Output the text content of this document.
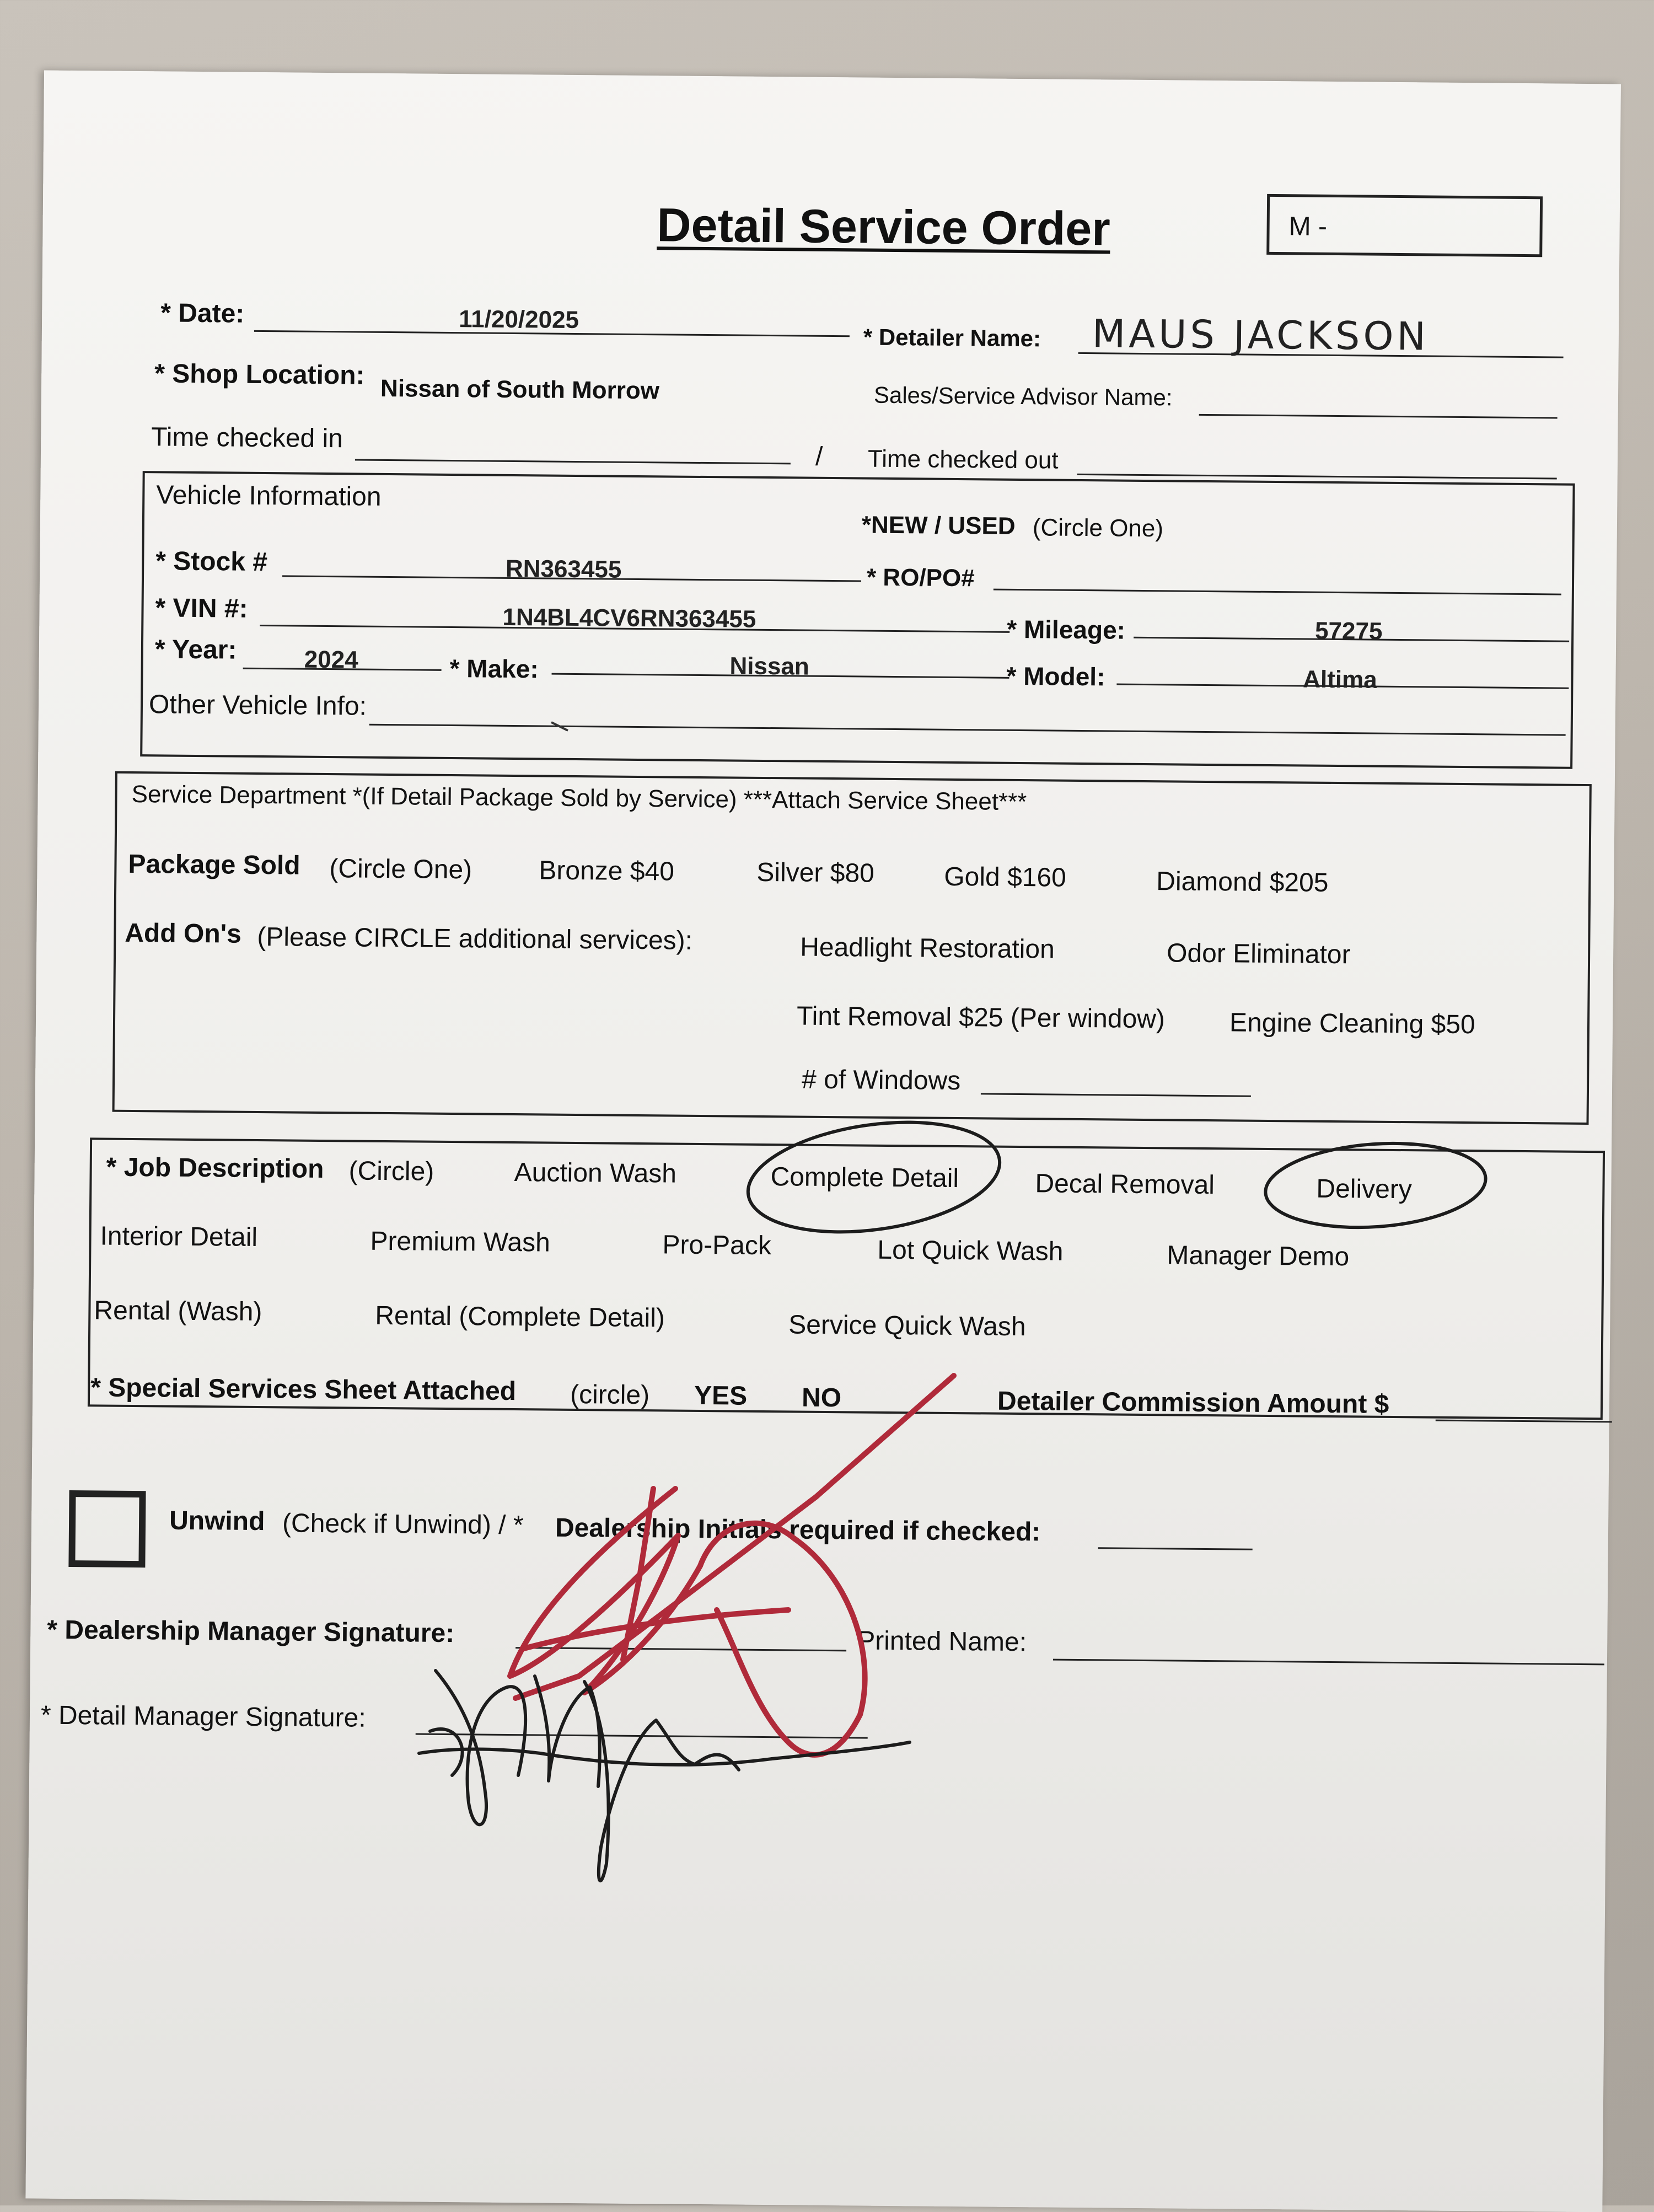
Detail Service Order	M -
* Date:	11/20/2025
* Detailer Name: MAUS JACKSON
* Shop Location: Nissan of South Morrow	Sales/Service Advisor Name:
Time checked in
/ Time checked out
Vehicle Information
*NEW / USED (Circle One)
* Stock #	RN363455	* RO/PO#
* VIN #:	1N4BL4CV6RN363455	* Mileage:	57275
* Year:	2024	* Make:	Nissan	* Model:	Altima
Other Vehicle Info:
Service Department *(If Detail Package Sold by Service) ***Attach Service Sheet***
Package Sold (Circle One)	Bronze $40	Silver $80	Gold $160	Diamond $205
Add On's (Please CIRCLE additional services):	Headlight Restoration	Odor Eliminator
Tint Removal $25 (Per window) Engine Cleaning $50
# of Windows
* Job Description (Circle)	Auction Wash	Complete Detail	Decal Removal	Delivery
Interior Detail	Premium Wash	Pro-Pack	Lot Quick Wash	Manager Demo
Rental (Wash)	Rental (Complete Detail)	Service Quick Wash
* Special Services Sheet Attached (circle) YES NO	Detailer Commission Amount $
Unwind (Check if Unwind) / * Dealership Initials required if checked:
* Dealership Manager Signature:	Printed Name:
* Detail Manager Signature:
